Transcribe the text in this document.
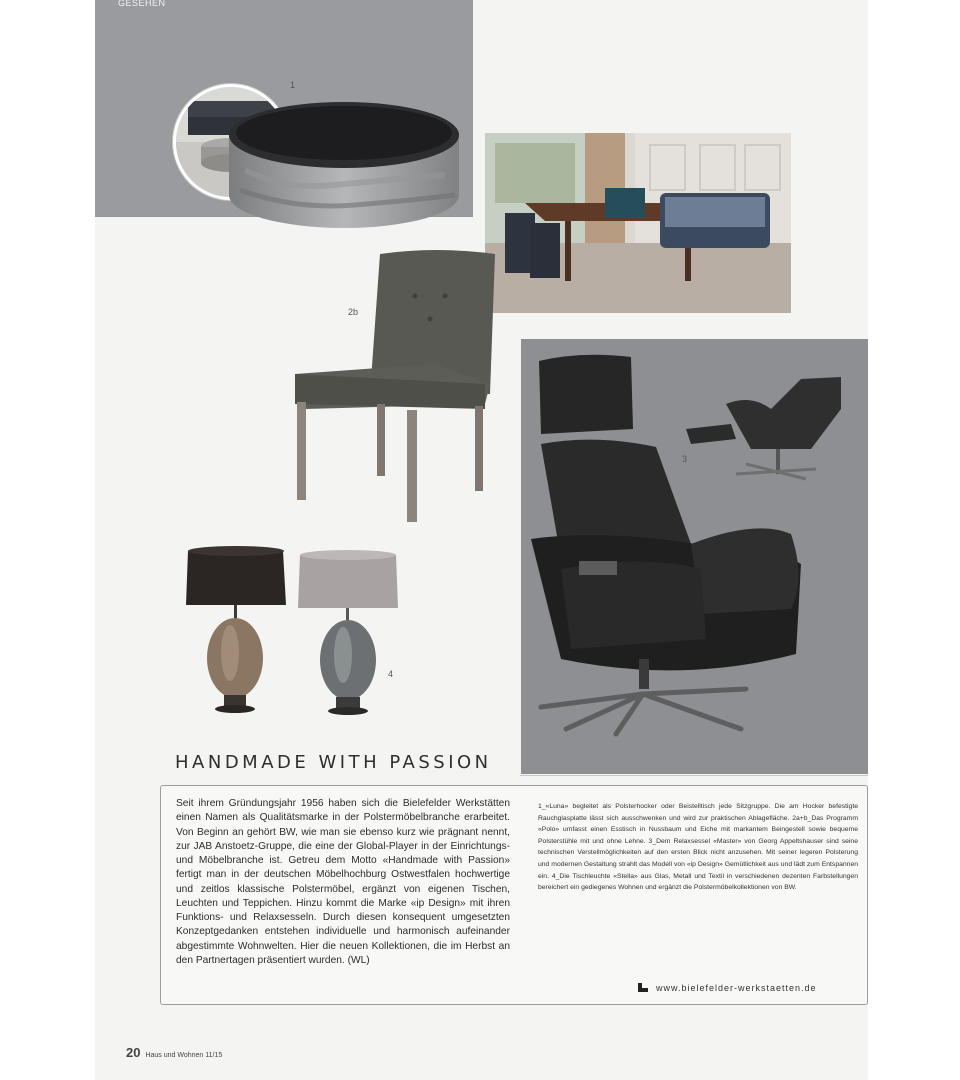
GESEHEN
1
2b
3
4
HANDMADE WITH PASSION
Seit ihrem Gründungsjahr 1956 haben sich die Bielefelder Werkstätten einen Namen als Qualitätsmarke in der Polstermöbelbranche erarbeitet. Von Beginn an gehört BW, wie man sie ebenso kurz wie prägnant nennt, zur JAB Anstoetz-Gruppe, die eine der Global-Player in der Einrichtungs- und Möbelbranche ist. Getreu dem Motto «Handmade with Passion» fertigt man in der deutschen Möbelhochburg Ostwestfalen hochwertige und zeitlos klassische Polstermöbel, ergänzt von eigenen Tischen, Leuchten und Teppichen. Hinzu kommt die Marke «ip Design» mit ihren Funktions- und Relaxsesseln. Durch diesen konsequent umgesetzten Konzeptgedanken entstehen individuelle und harmonisch aufeinander abgestimmte Wohnwelten. Hier die neuen Kollektionen, die im Herbst an den Partnertagen präsentiert wurden. (WL)
1_«Luna» begleitet als Polsterhocker oder Beistelltisch jede Sitzgruppe. Die am Hocker befestigte Rauchglasplatte lässt sich ausschwenken und wird zur praktischen Ablagefläche. 2a+b_Das Programm «Polo» umfasst einen Esstisch in Nussbaum und Eiche mit markantem Beingestell sowie bequeme Polsterstühle mit und ohne Lehne. 3_Dem Relaxsessel «Master» von Georg Appeltshauser sind seine technischen Verstellmöglichkeiten auf den ersten Blick nicht anzusehen. Mit seiner legeren Polsterung und modernen Gestaltung strahlt das Modell von «ip Design» Gemütlichkeit aus und lädt zum Entspannen ein. 4_Die Tischleuchte «Stella» aus Glas, Metall und Textil in verschiedenen dezenten Farbstellungen bereichert ein gediegenes Wohnen und ergänzt die Polstermöbelkollektionen von BW.
www.bielefelder-werkstaetten.de
20 Haus und Wohnen 11/15
